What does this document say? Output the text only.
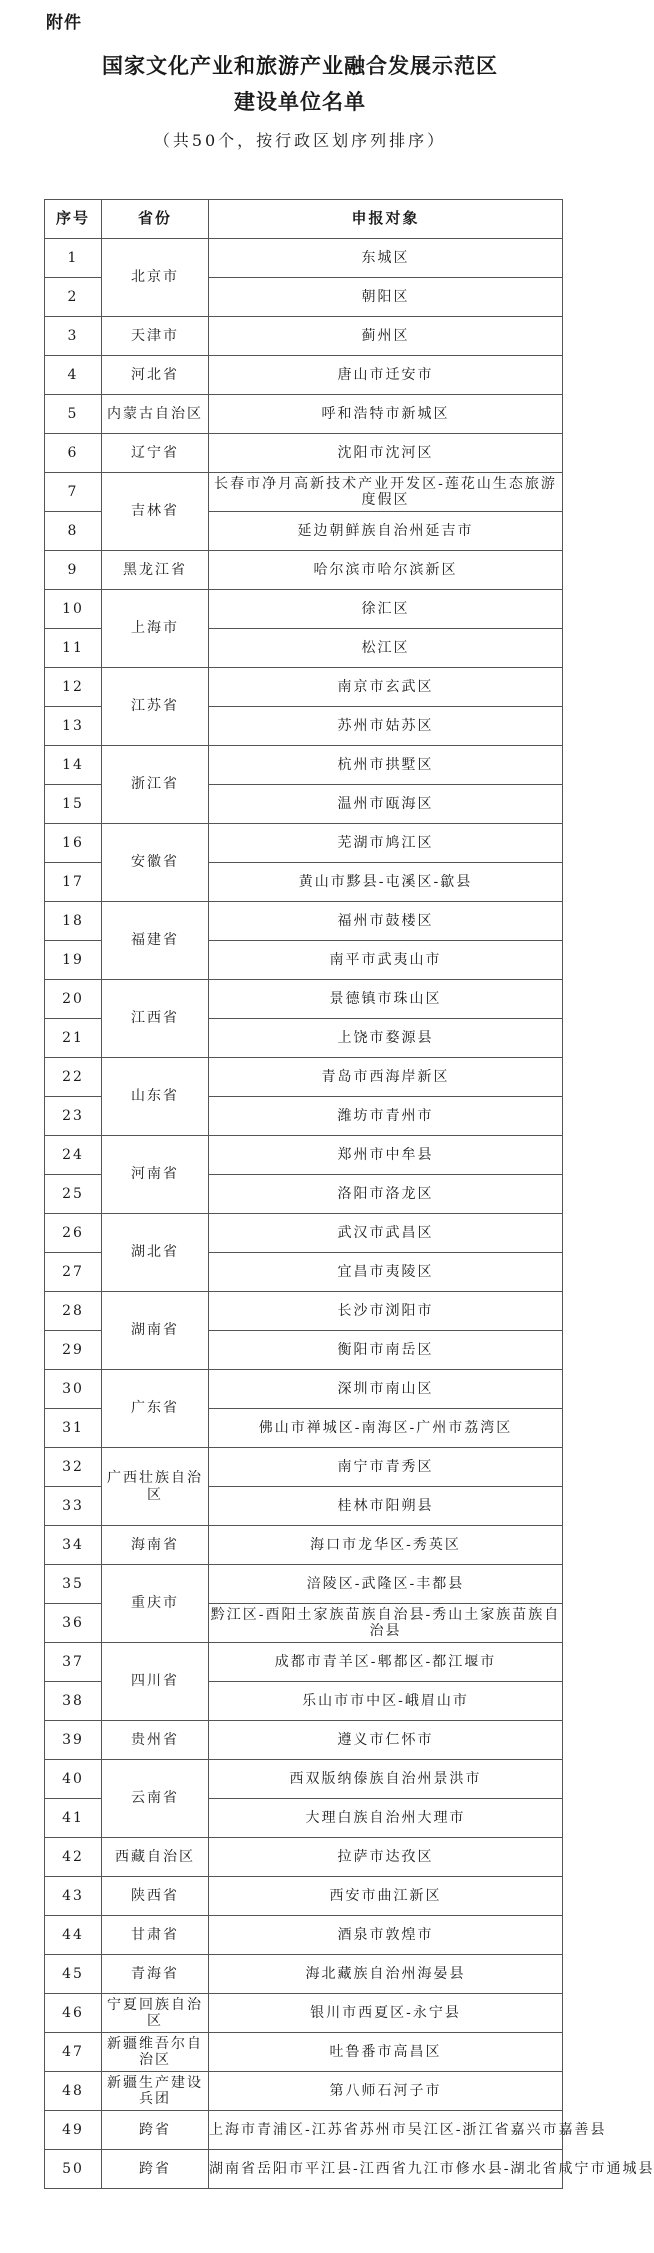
附件
国家文化产业和旅游产业融合发展示范区
建设单位名单
（共50个，按行政区划序列排序）
序号	省份	申报对象
1	北京市	东城区
2		朝阳区
3	天津市	蓟州区
4	河北省	唐山市迁安市
5	内蒙古自治区	呼和浩特市新城区
6	辽宁省	沈阳市沈河区
7	吉林省	长春市净月高新技术产业开发区-莲花山生态旅游度假区
8		延边朝鲜族自治州延吉市
9	黑龙江省	哈尔滨市哈尔滨新区
10	上海市	徐汇区
11		松江区
12	江苏省	南京市玄武区
13		苏州市姑苏区
14	浙江省	杭州市拱墅区
15		温州市瓯海区
16	安徽省	芜湖市鸠江区
17		黄山市黟县-屯溪区-歙县
18	福建省	福州市鼓楼区
19		南平市武夷山市
20	江西省	景德镇市珠山区
21		上饶市婺源县
22	山东省	青岛市西海岸新区
23		潍坊市青州市
24	河南省	郑州市中牟县
25		洛阳市洛龙区
26	湖北省	武汉市武昌区
27		宜昌市夷陵区
28	湖南省	长沙市浏阳市
29		衡阳市南岳区
30	广东省	深圳市南山区
31		佛山市禅城区-南海区-广州市荔湾区
32	广西壮族自治区	南宁市青秀区
33		桂林市阳朔县
34	海南省	海口市龙华区-秀英区
35	重庆市	涪陵区-武隆区-丰都县
36		黔江区-酉阳土家族苗族自治县-秀山土家族苗族自治县
37	四川省	成都市青羊区-郫都区-都江堰市
38		乐山市市中区-峨眉山市
39	贵州省	遵义市仁怀市
40	云南省	西双版纳傣族自治州景洪市
41		大理白族自治州大理市
42	西藏自治区	拉萨市达孜区
43	陕西省	西安市曲江新区
44	甘肃省	酒泉市敦煌市
45	青海省	海北藏族自治州海晏县
46	宁夏回族自治区	银川市西夏区-永宁县
47	新疆维吾尔自治区	吐鲁番市高昌区
48	新疆生产建设兵团	第八师石河子市
49	跨省	上海市青浦区-江苏省苏州市吴江区-浙江省嘉兴市嘉善县
50	跨省	湖南省岳阳市平江县-江西省九江市修水县-湖北省咸宁市通城县
